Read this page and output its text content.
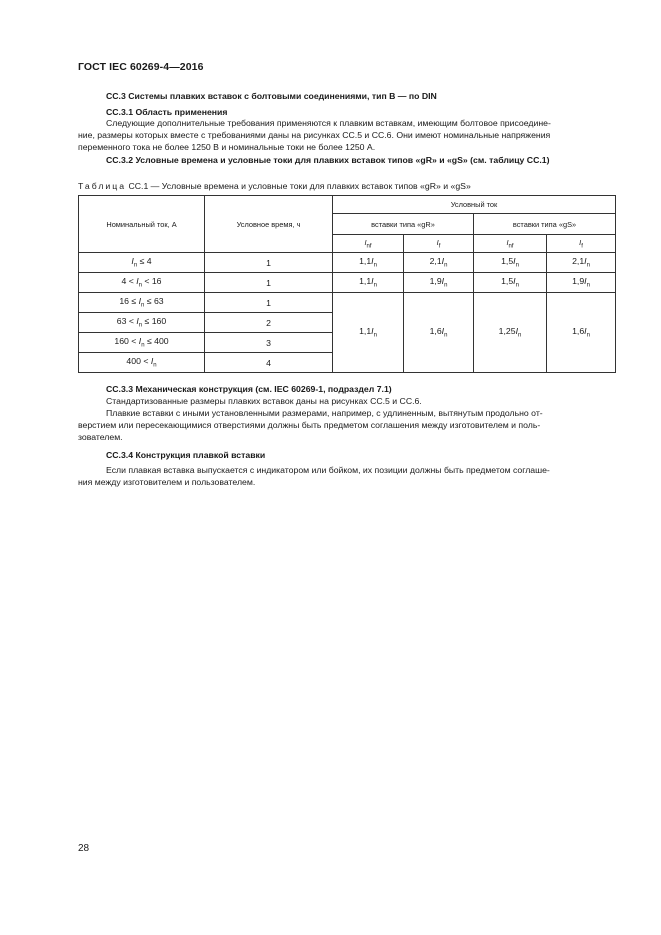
ГОСТ IEC 60269-4—2016
СС.3 Системы плавких вставок с болтовыми соединениями, тип В — по DIN
СС.3.1 Область применения
Следующие дополнительные требования применяются к плавким вставкам, имеющим болтовое присоедине-
ние, размеры которых вместе с требованиями даны на рисунках СС.5 и СС.6. Они имеют номинальные напряжения
переменного тока не более 1250 В и номинальные токи не более 1250 А.
СС.3.2 Условные времена и условные токи для плавких вставок типов «gR» и «gS» (см. таблицу СС.1)
Таблица СС.1 — Условные времена и условные токи для плавких вставок типов «gR» и «gS»
Номинальный ток, А	Условное время, ч	Условный ток			
		вставки типа «gR»		вставки типа «gS»	
		$I_{nf}$	$I_f$	$I_{nf}$	$I_f$
$I_n \le 4$	1	$1,1I_n$	$2,1I_n$	$1,5I_n$	$2,1I_n$
$4 < I_n < 16$	1	$1,1I_n$	$1,9I_n$	$1,5I_n$	$1,9I_n$
$16 \le I_n \le 63$	1	$1,1I_n$	$1,6I_n$	$1,25I_n$	$1,6I_n$
$63 < I_n \le 160$	2				
$160 < I_n \le 400$	3				
$400 < I_n$	4				
СС.3.3 Механическая конструкция (см. IEC 60269-1, подраздел 7.1)
Стандартизованные размеры плавких вставок даны на рисунках СС.5 и СС.6.
Плавкие вставки с иными установленными размерами, например, с удлиненным, вытянутым продольно от-
верстием или пересекающимися отверстиями должны быть предметом соглашения между изготовителем и поль-
зователем.
СС.3.4 Конструкция плавкой вставки
Если плавкая вставка выпускается с индикатором или бойком, их позиции должны быть предметом соглаше-
ния между изготовителем и пользователем.
28
